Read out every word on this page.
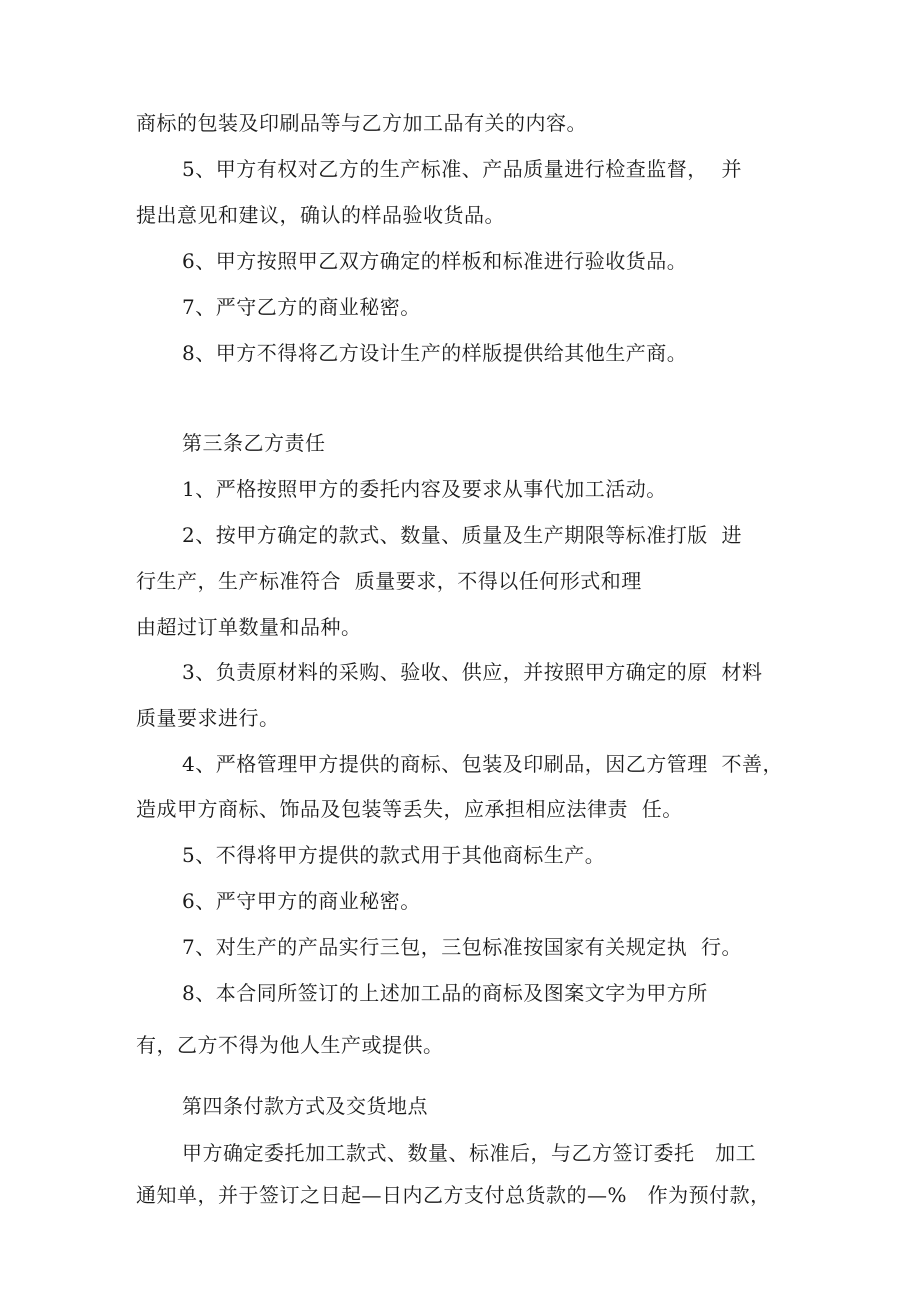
商标的包装及印刷品等与乙方加工品有关的内容。
5、甲方有权对乙方的生产标准、产品质量进行检查监督，  并
提出意见和建议，确认的样品验收货品。
6、甲方按照甲乙双方确定的样板和标准进行验收货品。
7、严守乙方的商业秘密。
8、甲方不得将乙方设计生产的样版提供给其他生产商。
第三条乙方责任
1、严格按照甲方的委托内容及要求从事代加工活动。
2、按甲方确定的款式、数量、质量及生产期限等标准打版  进
行生产，生产标准符合  质量要求，不得以任何形式和理
由超过订单数量和品种。
3、负责原材料的采购、验收、供应，并按照甲方确定的原  材料
质量要求进行。
4、严格管理甲方提供的商标、包装及印刷品，因乙方管理  不善，
造成甲方商标、饰品及包装等丢失，应承担相应法律责  任。
5、不得将甲方提供的款式用于其他商标生产。
6、严守甲方的商业秘密。
7、对生产的产品实行三包，三包标准按国家有关规定执  行。
8、本合同所签订的上述加工品的商标及图案文字为甲方所
有，乙方不得为他人生产或提供。
第四条付款方式及交货地点
甲方确定委托加工款式、数量、标准后，与乙方签订委托   加工
通知单，并于签订之日起—日内乙方支付总货款的—%   作为预付款，
